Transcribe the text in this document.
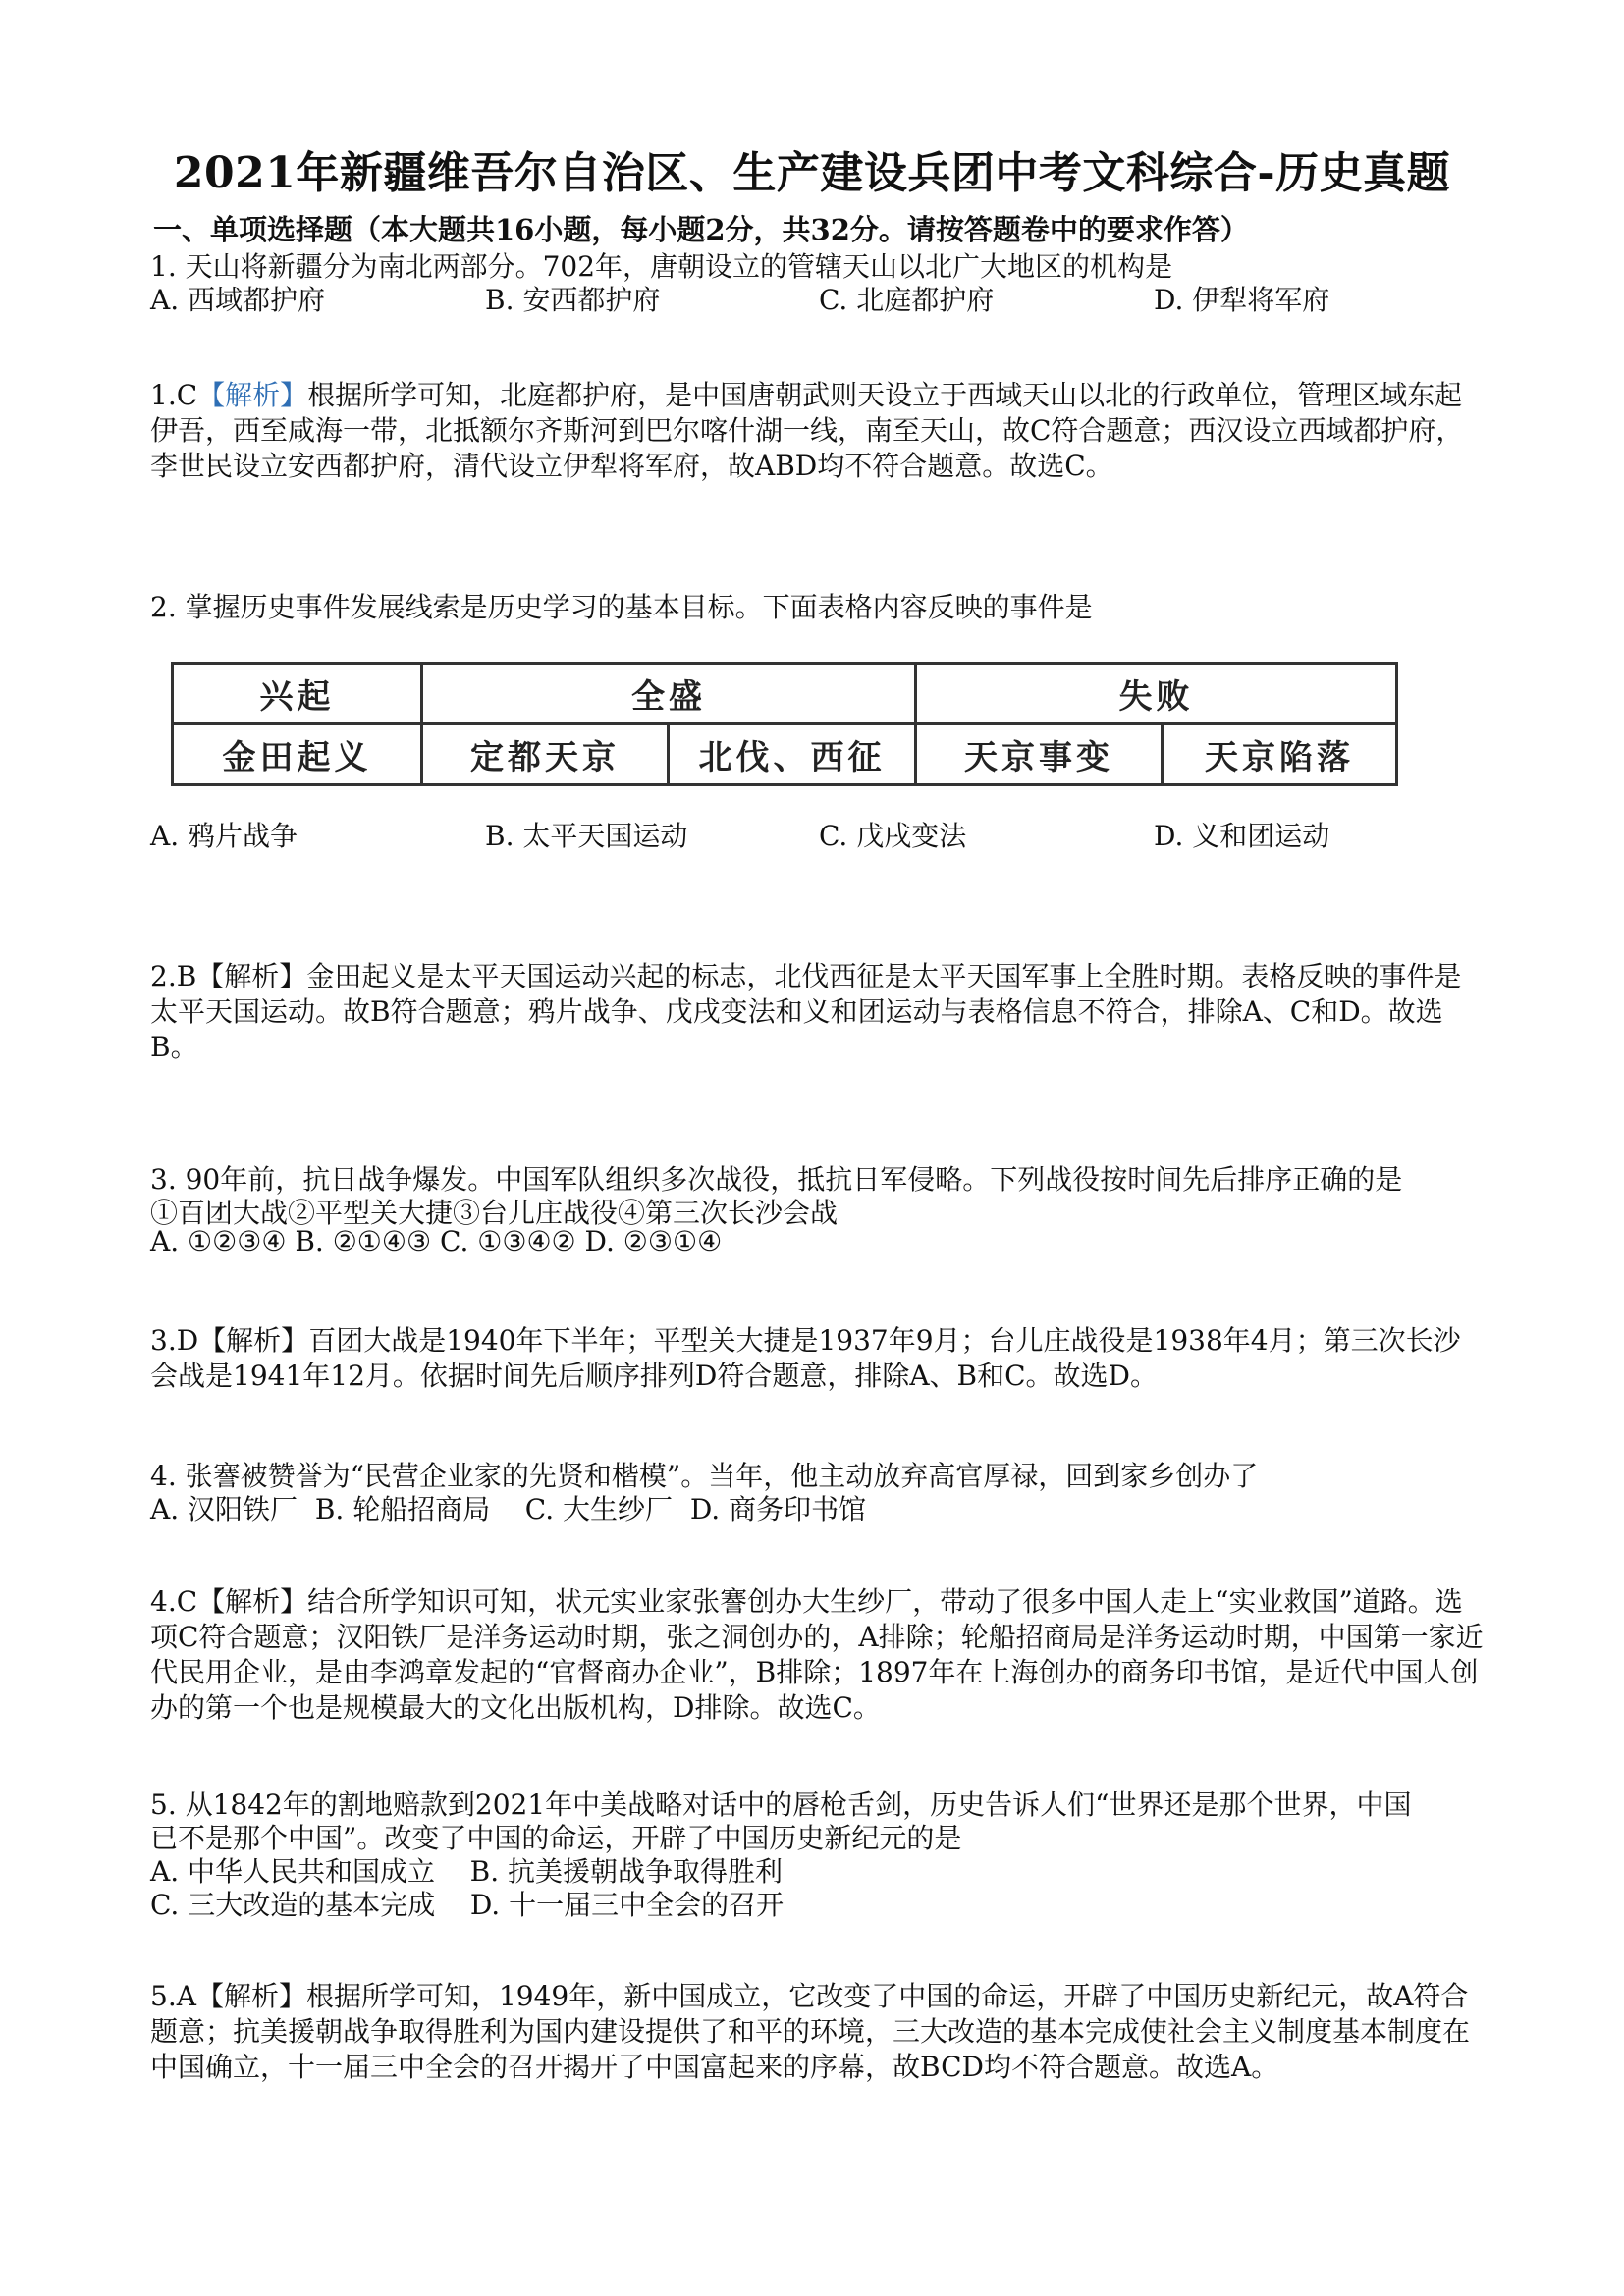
2021年新疆维吾尔自治区、生产建设兵团中考文科综合-历史真题
一、单项选择题（本大题共16小题，每小题2分，共32分。请按答题卷中的要求作答）
1. 天山将新疆分为南北两部分。702年，唐朝设立的管辖天山以北广大地区的机构是
A. 西域都护府	B. 安西都护府	C. 北庭都护府	D. 伊犁将军府
1.C【解析】根据所学可知，北庭都护府，是中国唐朝武则天设立于西域天山以北的行政单位，管理区域东起伊吾，西至咸海一带，北抵额尔齐斯河到巴尔喀什湖一线，南至天山，故C符合题意；西汉设立西域都护府，李世民设立安西都护府，清代设立伊犁将军府，故ABD均不符合题意。故选C。
2. 掌握历史事件发展线索是历史学习的基本目标。下面表格内容反映的事件是
兴起	全盛		失败	
金田起义	定都天京	北伐、西征	天京事变	天京陷落
A. 鸦片战争	B. 太平天国运动	C. 戊戌变法	D. 义和团运动
2.B【解析】金田起义是太平天国运动兴起的标志，北伐西征是太平天国军事上全胜时期。表格反映的事件是太平天国运动。故B符合题意；鸦片战争、戊戌变法和义和团运动与表格信息不符合，排除A、C和D。故选B。
3. 90年前，抗日战争爆发。中国军队组织多次战役，抵抗日军侵略。下列战役按时间先后排序正确的是
①百团大战②平型关大捷③台儿庄战役④第三次长沙会战
A. ①②③④ B. ②①④③ C. ①③④② D. ②③①④
3.D【解析】百团大战是1940年下半年；平型关大捷是1937年9月；台儿庄战役是1938年4月；第三次长沙会战是1941年12月。依据时间先后顺序排列D符合题意，排除A、B和C。故选D。
4. 张謇被赞誉为“民营企业家的先贤和楷模”。当年，他主动放弃高官厚禄，回到家乡创办了
A. 汉阳铁厂  B. 轮船招商局    C. 大生纱厂  D. 商务印书馆
4.C【解析】结合所学知识可知，状元实业家张謇创办大生纱厂，带动了很多中国人走上“实业救国”道路。选项C符合题意；汉阳铁厂是洋务运动时期，张之洞创办的，A排除；轮船招商局是洋务运动时期，中国第一家近代民用企业，是由李鸿章发起的“官督商办企业”，B排除；1897年在上海创办的商务印书馆，是近代中国人创办的第一个也是规模最大的文化出版机构，D排除。故选C。
5. 从1842年的割地赔款到2021年中美战略对话中的唇枪舌剑，历史告诉人们“世界还是那个世界，中国
已不是那个中国”。改变了中国的命运，开辟了中国历史新纪元的是
A. 中华人民共和国成立    B. 抗美援朝战争取得胜利
C. 三大改造的基本完成    D. 十一届三中全会的召开
5.A【解析】根据所学可知，1949年，新中国成立，它改变了中国的命运，开辟了中国历史新纪元，故A符合题意；抗美援朝战争取得胜利为国内建设提供了和平的环境，三大改造的基本完成使社会主义制度基本制度在中国确立，十一届三中全会的召开揭开了中国富起来的序幕，故BCD均不符合题意。故选A。
